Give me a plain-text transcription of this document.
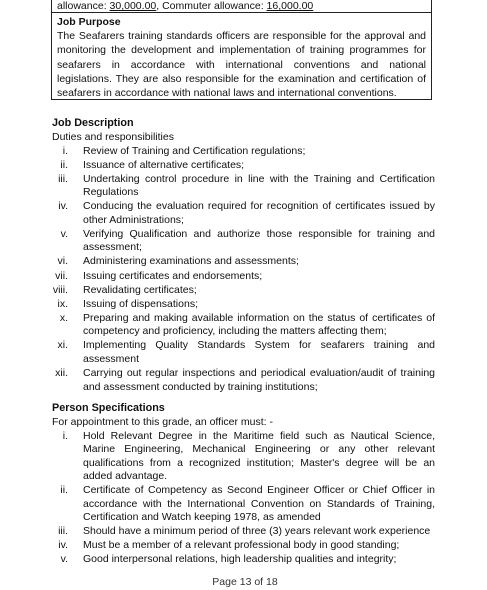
allowance: 30,000.00, Commuter allowance: 16,000.00
Job Purpose

The Seafarers training standards officers are responsible for the approval and monitoring the development and implementation of training programmes for seafarers in accordance with international conventions and national legislations. They are also responsible for the examination and certification of seafarers in accordance with national laws and international conventions.

Job Description

Duties and responsibilities

i. Review of Training and Certification regulations;
ii. Issuance of alternative certificates;
iii. Undertaking control procedure in line with the Training and Certification Regulations
iv. Conducing the evaluation required for recognition of certificates issued by other Administrations;
v. Verifying Qualification and authorize those responsible for training and assessment;
vi. Administering examinations and assessments;
vii. Issuing certificates and endorsements;
viii. Revalidating certificates;
ix. Issuing of dispensations;
x. Preparing and making available information on the status of certificates of competency and proficiency, including the matters affecting them;
xi. Implementing Quality Standards System for seafarers training and assessment
xii. Carrying out regular inspections and periodical evaluation/audit of training and assessment conducted by training institutions;
Person Specifications

For appointment to this grade, an officer must: -

i. Hold Relevant Degree in the Maritime field such as Nautical Science, Marine Engineering, Mechanical Engineering or any other relevant qualifications from a recognized institution; Master's degree will be an added advantage.
ii. Certificate of Competency as Second Engineer Officer or Chief Officer in accordance with the International Convention on Standards of Training, Certification and Watch keeping 1978, as amended
iii. Should have a minimum period of three (3) years relevant work experience
iv. Must be a member of a relevant professional body in good standing;
v. Good interpersonal relations, high leadership qualities and integrity;
Page 13 of 18
